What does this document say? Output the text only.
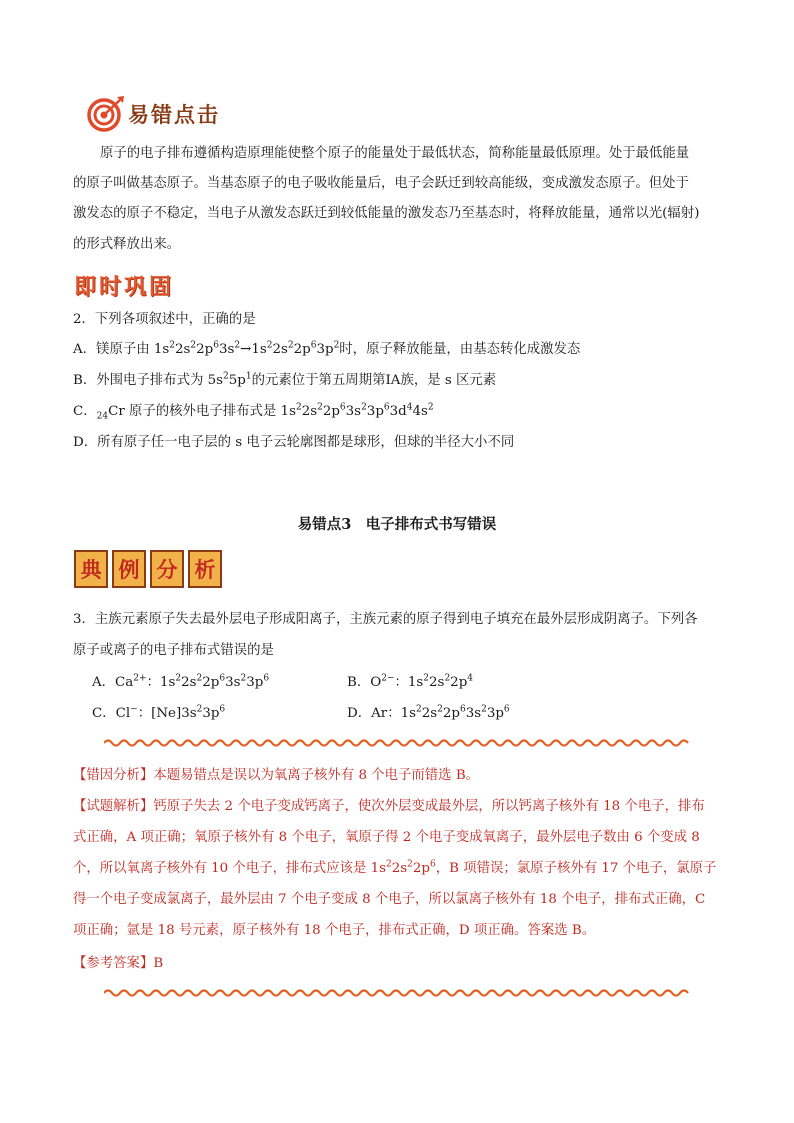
易错点击
原子的电子排布遵循构造原理能使整个原子的能量处于最低状态，简称能量最低原理。处于最低能量
的原子叫做基态原子。当基态原子的电子吸收能量后，电子会跃迁到较高能级，变成激发态原子。但处于
激发态的原子不稳定，当电子从激发态跃迁到较低能量的激发态乃至基态时，将释放能量，通常以光(辐射)
的形式释放出来。
即时巩固
2．下列各项叙述中，正确的是
A．镁原子由 $1s^22s^22p^63s^2\to 1s^22s^22p^63p^2$时，原子释放能量，由基态转化成激发态
B．外围电子排布式为 $5s^25p^1$的元素位于第五周期第ⅠA族，是 s 区元素
C．$_{24}$Cr 原子的核外电子排布式是 $1s^22s^22p^63s^23p^63d^44s^2$
D．所有原子任一电子层的 s 电子云轮廓图都是球形，但球的半径大小不同
易错点3　电子排布式书写错误
典 例 分 析
3．主族元素原子失去最外层电子形成阳离子，主族元素的原子得到电子填充在最外层形成阴离子。下列各
原子或离子的电子排布式错误的是
A．$Ca^{2+}$：$1s^22s^22p^63s^23p^6$	B．$O^{2-}$：$1s^22s^22p^4$
C．Cl−：$[Ne]3s^23p^6$	D．Ar：$1s^22s^22p^63s^23p^6$
【错因分析】本题易错点是误以为氧离子核外有 8 个电子而错选 B。
【试题解析】钙原子失去 2 个电子变成钙离子，使次外层变成最外层，所以钙离子核外有 18 个电子，排布
式正确，A 项正确；氧原子核外有 8 个电子，氧原子得 2 个电子变成氧离子，最外层电子数由 6 个变成 8
个，所以氧离子核外有 10 个电子，排布式应该是 $1s^22s^22p^6$，B 项错误；氯原子核外有 17 个电子，氯原子
得一个电子变成氯离子，最外层由 7 个电子变成 8 个电子，所以氯离子核外有 18 个电子，排布式正确，C
项正确；氩是 18 号元素，原子核外有 18 个电子，排布式正确，D 项正确。答案选 B。
【参考答案】B
